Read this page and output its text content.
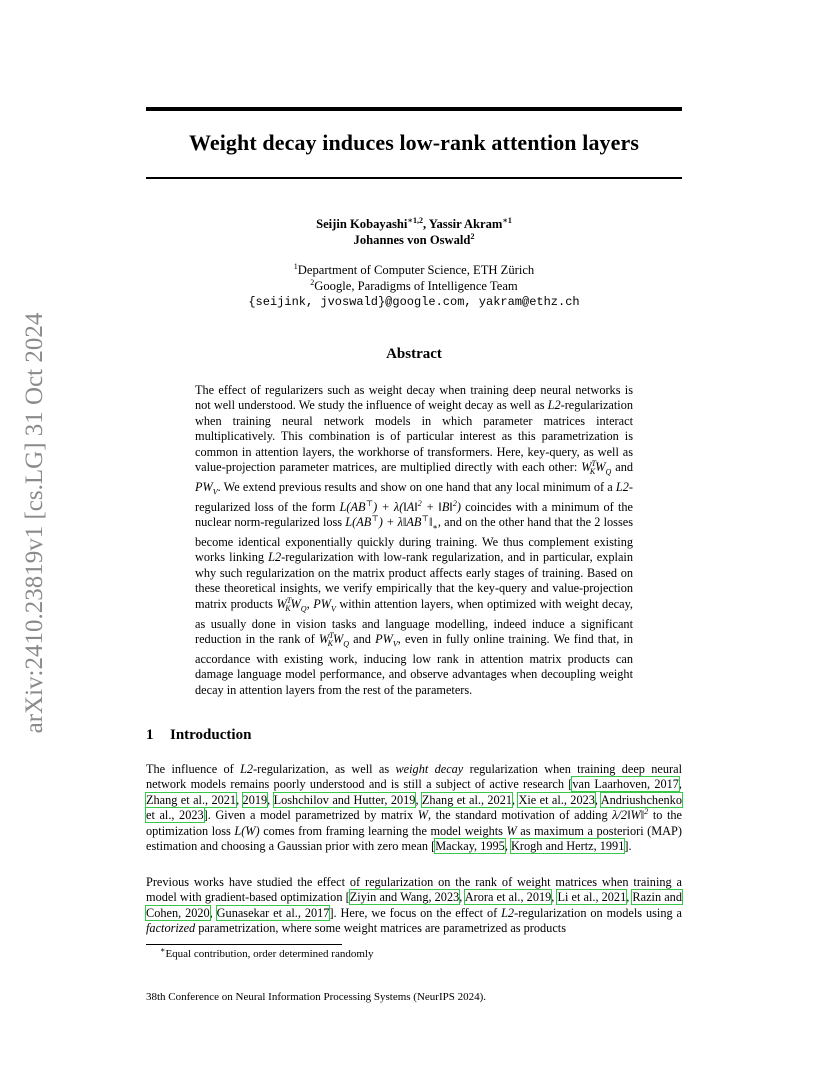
arXiv:2410.23819v1 [cs.LG] 31 Oct 2024
Weight decay induces low-rank attention layers
Seijin Kobayashi$^{∗1,2}$, Yassir Akram$^{∗1}$
Johannes von Oswald$^2$
$^1$Department of Computer Science, ETH Zürich
$^2$Google, Paradigms of Intelligence Team
{seijink, jvoswald}@google.com, yakram@ethz.ch
Abstract
The effect of regularizers such as weight decay when training deep neural networks is not well understood. We study the influence of weight decay as well as L2-regularization when training neural network models in which parameter matrices interact multiplicatively. This combination is of particular interest as this parametrization is common in attention layers, the workhorse of transformers. Here, key-query, as well as value-projection parameter matrices, are multiplied directly with each other: $W^T_KW_Q$ and $PW_V$. We extend previous results and show on one hand that any local minimum of a L2-regularized loss of the form L(AB⊤) + λ(‖A‖$^2$ + ‖B‖$^2$) coincides with a minimum of the nuclear norm-regularized loss $L(AB^⊤) + \lambda‖AB^⊤‖_∗$, and on the other hand that the 2 losses become identical exponentially quickly during training. We thus complement existing works linking L2-regularization with low-rank regularization, and in particular, explain why such regularization on the matrix product affects early stages of training. Based on these theoretical insights, we verify empirically that the key-query and value-projection matrix products $W^T_KW_Q$, $PW_V$ within attention layers, when optimized with weight decay, as usually done in vision tasks and language modelling, indeed induce a significant reduction in the rank of $W^T_KW_Q$ and $PW_V$, even in fully online training. We find that, in accordance with existing work, inducing low rank in attention matrix products can damage language model performance, and observe advantages when decoupling weight decay in attention layers from the rest of the parameters.
1 Introduction
The influence of L2-regularization, as well as weight decay regularization when training deep neural network models remains poorly understood and is still a subject of active research [van Laarhoven, 2017, Zhang et al., 2021, 2019, Loshchilov and Hutter, 2019, Zhang et al., 2021, Xie et al., 2023, Andriushchenko et al., 2023]. Given a model parametrized by matrix W, the standard motivation of adding λ/2‖W‖$^2$ to the optimization loss L(W) comes from framing learning the model weights W as maximum a posteriori (MAP) estimation and choosing a Gaussian prior with zero mean [Mackay, 1995, Krogh and Hertz, 1991].
Previous works have studied the effect of regularization on the rank of weight matrices when training a model with gradient-based optimization [Ziyin and Wang, 2023, Arora et al., 2019, Li et al., 2021, Razin and Cohen, 2020, Gunasekar et al., 2017]. Here, we focus on the effect of L2-regularization on models using a factorized parametrization, where some weight matrices are parametrized as products
∗Equal contribution, order determined randomly
38th Conference on Neural Information Processing Systems (NeurIPS 2024).
